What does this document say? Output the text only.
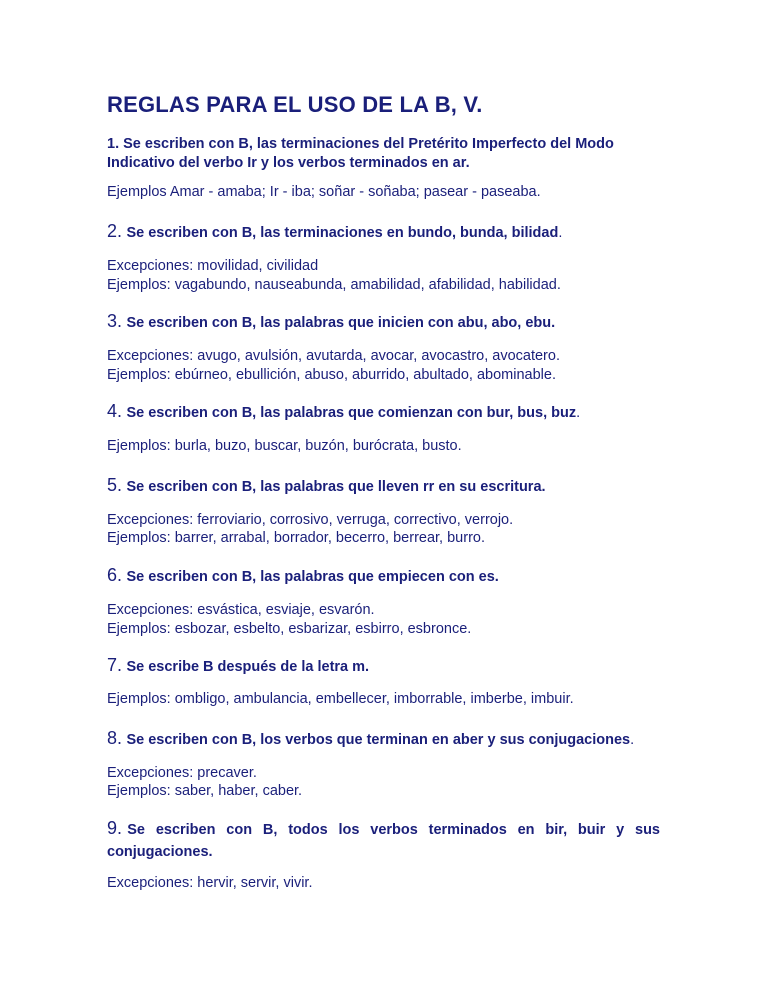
REGLAS PARA EL USO DE LA B, V.

1. Se escriben con B, las terminaciones del Pretérito Imperfecto del Modo Indicativo del verbo Ir y los verbos terminados en ar.

Ejemplos Amar - amaba; Ir - iba; soñar - soñaba; pasear - paseaba.

2. Se escriben con B, las terminaciones en bundo, bunda, bilidad.

Excepciones: movilidad, civilidad

Ejemplos: vagabundo, nauseabunda, amabilidad, afabilidad, habilidad.

3. Se escriben con B, las palabras que inicien con abu, abo, ebu.

Excepciones: avugo, avulsión, avutarda, avocar, avocastro, avocatero.

Ejemplos: ebúrneo, ebullición, abuso, aburrido, abultado, abominable.

4. Se escriben con B, las palabras que comienzan con bur, bus, buz.

Ejemplos: burla, buzo, buscar, buzón, burócrata, busto.

5. Se escriben con B, las palabras que lleven rr en su escritura.

Excepciones: ferroviario, corrosivo, verruga, correctivo, verrojo.

Ejemplos: barrer, arrabal, borrador, becerro, berrear, burro.

6. Se escriben con B, las palabras que empiecen con es.

Excepciones: esvástica, esviaje, esvarón.

Ejemplos: esbozar, esbelto, esbarizar, esbirro, esbronce.

7. Se escribe B después de la letra m.

Ejemplos: ombligo, ambulancia, embellecer, imborrable, imberbe, imbuir.

8. Se escriben con B, los verbos que terminan en aber y sus conjugaciones.

Excepciones: precaver.

Ejemplos: saber, haber, caber.

9. Se escriben con B, todos los verbos terminados en bir, buir y sus conjugaciones.

Excepciones: hervir, servir, vivir.
